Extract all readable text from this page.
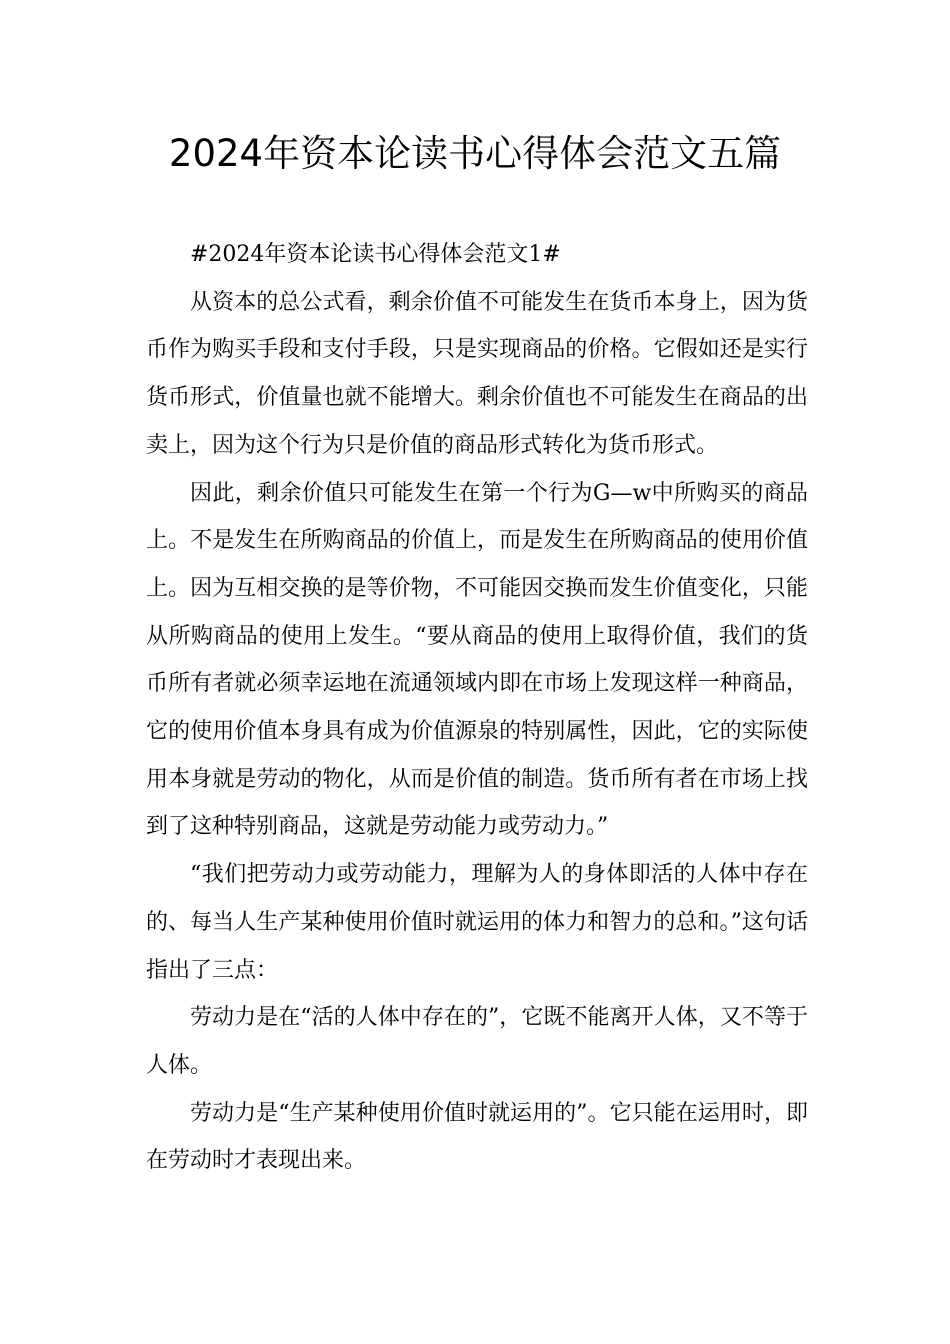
2024年资本论读书心得体会范文五篇

#2024年资本论读书心得体会范文1#

从资本的总公式看，剩余价值不可能发生在货币本身上，因为货币作为购买手段和支付手段，只是实现商品的价格。它假如还是实行货币形式，价值量也就不能增大。剩余价值也不可能发生在商品的出卖上，因为这个行为只是价值的商品形式转化为货币形式。

因此，剩余价值只可能发生在第一个行为G—w中所购买的商品上。不是发生在所购商品的价值上，而是发生在所购商品的使用价值上。因为互相交换的是等价物，不可能因交换而发生价值变化，只能从所购商品的使用上发生。“要从商品的使用上取得价值，我们的货币所有者就必须幸运地在流通领域内即在市场上发现这样一种商品，它的使用价值本身具有成为价值源泉的特别属性，因此，它的实际使用本身就是劳动的物化，从而是价值的制造。货币所有者在市场上找到了这种特别商品，这就是劳动能力或劳动力。”

“我们把劳动力或劳动能力，理解为人的身体即活的人体中存在的、每当人生产某种使用价值时就运用的体力和智力的总和。”这句话指出了三点：

劳动力是在“活的人体中存在的”，它既不能离开人体，又不等于人体。

劳动力是“生产某种使用价值时就运用的”。它只能在运用时，即在劳动时才表现出来。
